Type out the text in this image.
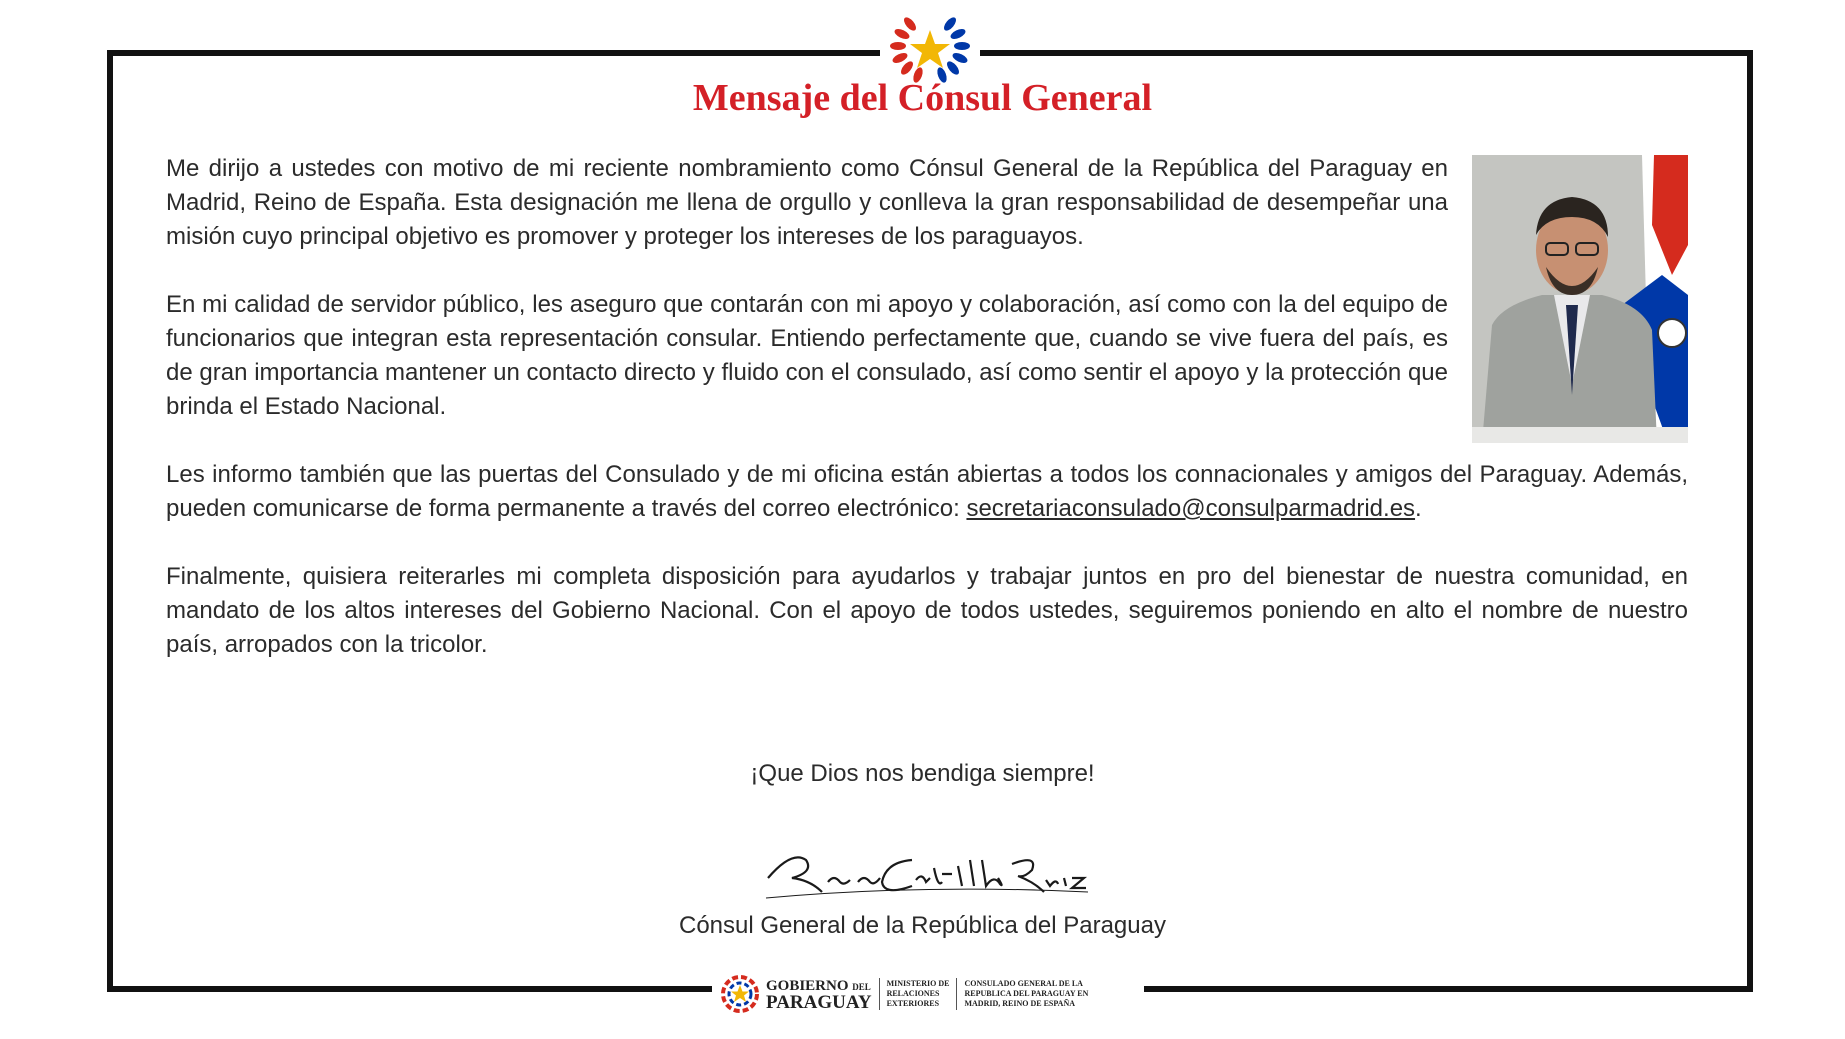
Mensaje del Cónsul General

Me dirijo a ustedes con motivo de mi reciente nombramiento como Cónsul General de la República del Paraguay en Madrid, Reino de España. Esta designación me llena de orgullo y conlleva la gran responsabilidad de desempeñar una misión cuyo principal objetivo es promover y proteger los intereses de los paraguayos.

En mi calidad de servidor público, les aseguro que contarán con mi apoyo y colaboración, así como con la del equipo de funcionarios que integran esta representación consular. Entiendo perfectamente que, cuando se vive fuera del país, es de gran importancia mantener un contacto directo y fluido con el consulado, así como sentir el apoyo y la protección que brinda el Estado Nacional.

Les informo también que las puertas del Consulado y de mi oficina están abiertas a todos los connacionales y amigos del Paraguay. Además, pueden comunicarse de forma permanente a través del correo electrónico: secretariaconsulado@consulparmadrid.es.

Finalmente, quisiera reiterarles mi completa disposición para ayudarlos y trabajar juntos en pro del bienestar de nuestra comunidad, en mandato de los altos intereses del Gobierno Nacional. Con el apoyo de todos ustedes, seguiremos poniendo en alto el nombre de nuestro país, arropados con la tricolor.

¡Que Dios nos bendiga siempre!
Cónsul General de la República del Paraguay
GOBIERNO DEL
PARAGUAY
MINISTERIO DE
RELACIONES
EXTERIORES
CONSULADO GENERAL DE LA
REPUBLICA DEL PARAGUAY EN
MADRID, REINO DE ESPAÑA
